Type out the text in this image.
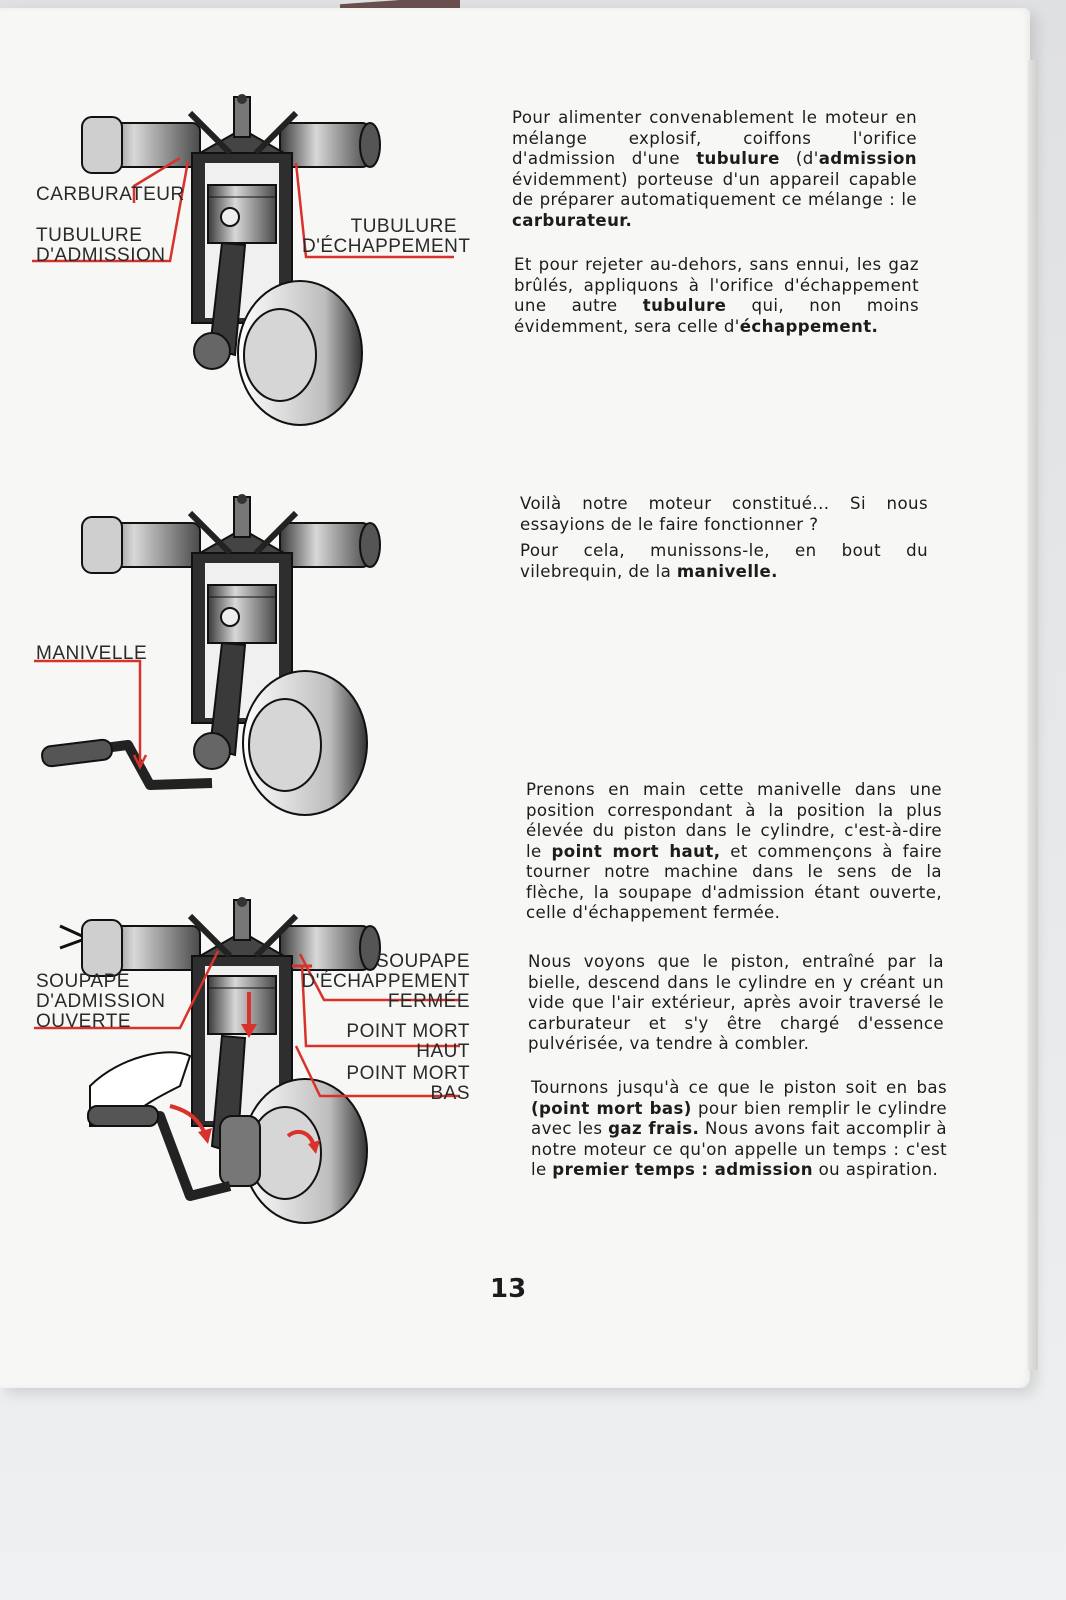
CARBURATEUR
TUBULURE
D'ADMISSION
TUBULURE
D'ÉCHAPPEMENT
MANIVELLE
SOUPAPE
D'ADMISSION
OUVERTE
SOUPAPE
D'ÉCHAPPEMENT
FERMÉE
POINT MORT
HAUT
POINT MORT
BAS

Pour alimenter convenablement le moteur en mélange explosif, coiffons l'orifice d'admission d'une tubulure (d'admission évidemment) porteuse d'un appareil capable de préparer automatiquement ce mélange : le carburateur.

Et pour rejeter au-dehors, sans ennui, les gaz brûlés, appliquons à l'orifice d'échappement une autre tubulure qui, non moins évidemment, sera celle d'échappement.

Voilà notre moteur constitué... Si nous essayions de le faire fonctionner ?

Pour cela, munissons-le, en bout du vilebrequin, de la manivelle.

Prenons en main cette manivelle dans une position correspondant à la position la plus élevée du piston dans le cylindre, c'est-à-dire le point mort haut, et commençons à faire tourner notre machine dans le sens de la flèche, la soupape d'admission étant ouverte, celle d'échappement fermée.

Nous voyons que le piston, entraîné par la bielle, descend dans le cylindre en y créant un vide que l'air extérieur, après avoir traversé le carburateur et s'y être chargé d'essence pulvérisée, va tendre à combler.

Tournons jusqu'à ce que le piston soit en bas (point mort bas) pour bien remplir le cylindre avec les gaz frais. Nous avons fait accomplir à notre moteur ce qu'on appelle un temps : c'est le premier temps : admission ou aspiration.

13
